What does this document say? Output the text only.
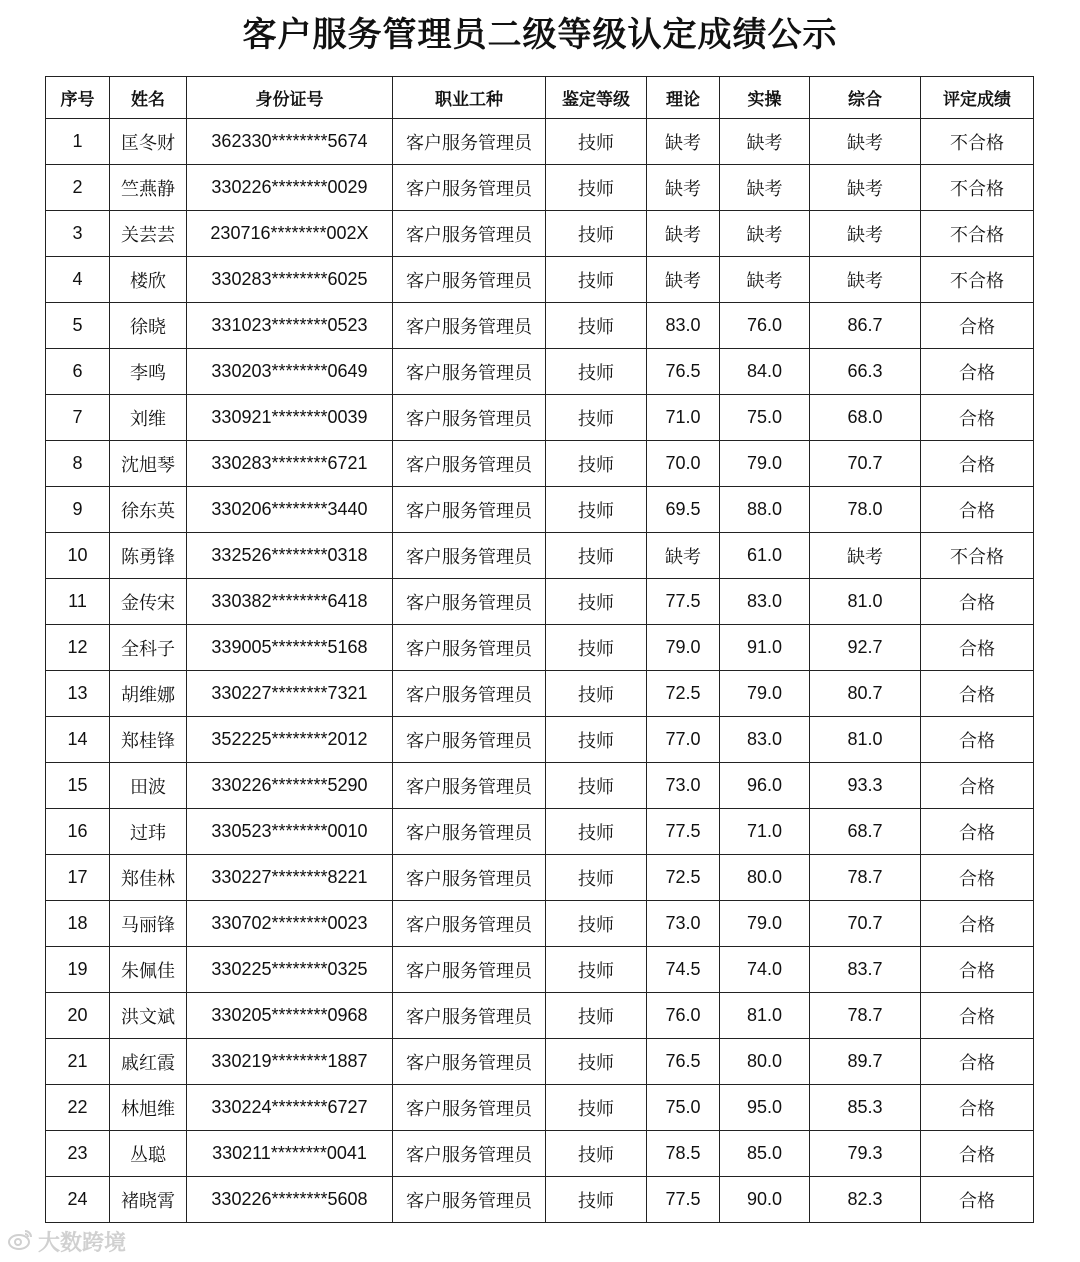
客户服务管理员二级等级认定成绩公示
序号	姓名	身份证号	职业工种	鉴定等级	理论	实操	综合	评定成绩
1	匡冬财	362330********5674	客户服务管理员	技师	缺考	缺考	缺考	不合格
2	竺燕静	330226********0029	客户服务管理员	技师	缺考	缺考	缺考	不合格
3	关芸芸	230716********002X	客户服务管理员	技师	缺考	缺考	缺考	不合格
4	楼欣	330283********6025	客户服务管理员	技师	缺考	缺考	缺考	不合格
5	徐晓	331023********0523	客户服务管理员	技师	83.0	76.0	86.7	合格
6	李鸣	330203********0649	客户服务管理员	技师	76.5	84.0	66.3	合格
7	刘维	330921********0039	客户服务管理员	技师	71.0	75.0	68.0	合格
8	沈旭琴	330283********6721	客户服务管理员	技师	70.0	79.0	70.7	合格
9	徐东英	330206********3440	客户服务管理员	技师	69.5	88.0	78.0	合格
10	陈勇锋	332526********0318	客户服务管理员	技师	缺考	61.0	缺考	不合格
11	金传宋	330382********6418	客户服务管理员	技师	77.5	83.0	81.0	合格
12	全科子	339005********5168	客户服务管理员	技师	79.0	91.0	92.7	合格
13	胡维娜	330227********7321	客户服务管理员	技师	72.5	79.0	80.7	合格
14	郑桂锋	352225********2012	客户服务管理员	技师	77.0	83.0	81.0	合格
15	田波	330226********5290	客户服务管理员	技师	73.0	96.0	93.3	合格
16	过玮	330523********0010	客户服务管理员	技师	77.5	71.0	68.7	合格
17	郑佳林	330227********8221	客户服务管理员	技师	72.5	80.0	78.7	合格
18	马丽锋	330702********0023	客户服务管理员	技师	73.0	79.0	70.7	合格
19	朱佩佳	330225********0325	客户服务管理员	技师	74.5	74.0	83.7	合格
20	洪文斌	330205********0968	客户服务管理员	技师	76.0	81.0	78.7	合格
21	戚红霞	330219********1887	客户服务管理员	技师	76.5	80.0	89.7	合格
22	林旭维	330224********6727	客户服务管理员	技师	75.0	95.0	85.3	合格
23	丛聪	330211********0041	客户服务管理员	技师	78.5	85.0	79.3	合格
24	褚晓霄	330226********5608	客户服务管理员	技师	77.5	90.0	82.3	合格
大数跨境
